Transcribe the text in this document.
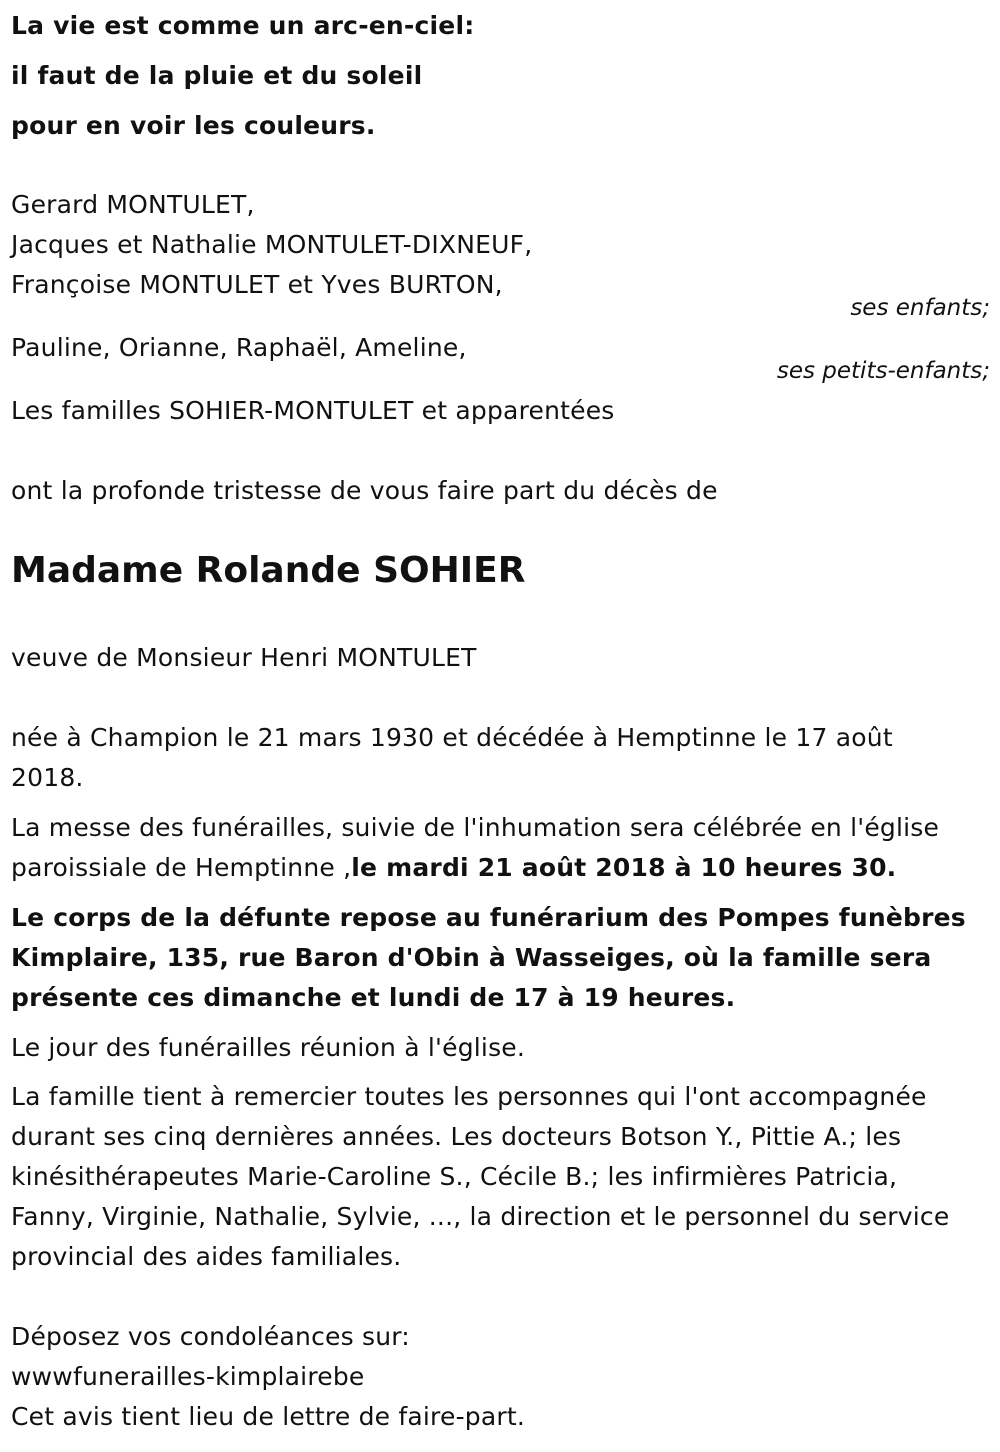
La vie est comme un arc-en-ciel:
il faut de la pluie et du soleil
pour en voir les couleurs.
Gerard MONTULET,
Jacques et Nathalie MONTULET-DIXNEUF,
Françoise MONTULET et Yves BURTON,
ses enfants;
Pauline, Orianne, Raphaël, Ameline,
ses petits-enfants;
Les familles SOHIER-MONTULET et apparentées
ont la profonde tristesse de vous faire part du décès de
Madame Rolande SOHIER
veuve de Monsieur Henri MONTULET
née à Champion le 21 mars 1930 et décédée à Hemptinne le 17 août
2018.
La messe des funérailles, suivie de l'inhumation sera célébrée en l'église
paroissiale de Hemptinne ,le mardi 21 août 2018 à 10 heures 30.
Le corps de la défunte repose au funérarium des Pompes funèbres
Kimplaire, 135, rue Baron d'Obin à Wasseiges, où la famille sera
présente ces dimanche et lundi de 17 à 19 heures.
Le jour des funérailles réunion à l'église.
La famille tient à remercier toutes les personnes qui l'ont accompagnée
durant ses cinq dernières années. Les docteurs Botson Y., Pittie A.; les
kinésithérapeutes Marie-Caroline S., Cécile B.; les infirmières Patricia,
Fanny, Virginie, Nathalie, Sylvie, ..., la direction et le personnel du service
provincial des aides familiales.
Déposez vos condoléances sur:
wwwfunerailles-kimplairebe
Cet avis tient lieu de lettre de faire-part.
